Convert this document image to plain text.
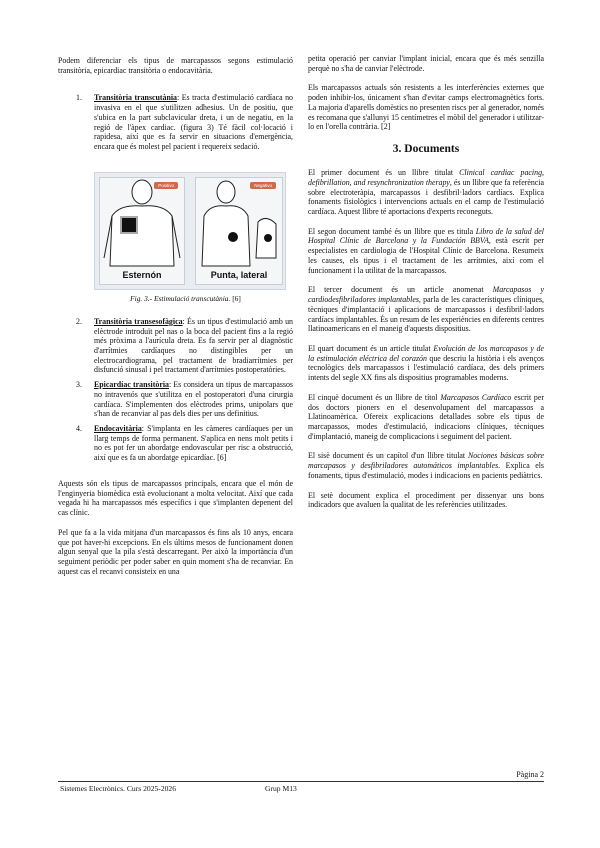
Podem diferenciar els tipus de marcapassos segons estimulació transitòria, epicardiac transitòria o endocavitària.

1. Transitòria transcutània: Es tracta d'estimulació cardíaca no invasiva en el que s'utilitzen adhesius. Un de positiu, que s'ubica en la part subclavicular dreta, i un de negatiu, en la regió de l'àpex cardiac. (figura 3) Té fàcil col·locació i rapidesa, així que es fa servir en situacions d'emergència, encara que és molest pel pacient i requereix sedació.
Positivo
Esternón
Negativo
Punta, lateral
Fig. 3.- Estimulació transcutània. [6]
2. Transitòria transesofàgica: És un tipus d'estimulació amb un elèctrode introduït pel nas o la boca del pacient fins a la regió més pròxima a l'aurícula dreta. Es fa servir per al diagnòstic d'arrítmies cardíaques no distingibles per un electrocardiograma, pel tractament de bradiarrítmies per disfunció sinusal i pel tractament d'arrítmies postoperatòries.
3. Epicardíac transitòria: Es considera un tipus de marcapassos no intravenós que s'utilitza en el postoperatori d'una cirurgia cardíaca. S'implementen dos elèctrodes prims, unipolars que s'han de recanviar al pas dels dies per uns definitius.
4. Endocavitària: S'implanta en les càmeres cardíaques per un llarg temps de forma permanent. S'aplica en nens molt petits i no es pot fer un abordatge endovascular per risc a obstrucció, així que es fa un abordatge epicardíac. [6]

Aquests són els tipus de marcapassos principals, encara que el món de l'enginyeria biomèdica està evolucionant a molta velocitat. Així que cada vegada hi ha marcapassos més específics i que s'implanten depenent del cas clínic.

Pel que fa a la vida mitjana d'un marcapassos és fins als 10 anys, encara que pot haver-hi excepcions. En els últims mesos de funcionament donen algun senyal que la pila s'està descarregant. Per això la importància d'un seguiment periòdic per poder saber en quin moment s'ha de recanviar. En aquest cas el recanvi consisteix en una

petita operació per canviar l'implant inicial, encara que és més senzilla perquè no s'ha de canviar l'elèctrode.

Els marcapassos actuals són resistents a les interferències externes que poden inhibir-los, únicament s'han d'evitar camps electromagnètics forts. La majoria d'aparells domèstics no presenten riscs per al generador, només es recomana que s'allunyi 15 centímetres el mòbil del generador i utilitzar-lo en l'orella contrària. [2]

3. Documents

El primer document és un llibre titulat Clinical cardiac pacing, defibrillation, and resynchronization therapy, és un llibre que fa referència sobre electroteràpia, marcapassos i desfibril·ladors cardíacs. Explica fonaments fisiològics i intervencions actuals en el camp de l'estimulació cardíaca. Aquest llibre té aportacions d'experts reconeguts.

El segon document també és un llibre que es titula Libro de la salud del Hospital Clínic de Barcelona y la Fundación BBVA, està escrit per especialistes en cardiologia de l'Hospital Clínic de Barcelona. Resumeix les causes, els tipus i el tractament de les arrítmies, així com el funcionament i la utilitat de la marcapassos.

El tercer document és un article anomenat Marcapasos y cardiodesfibriladores implantables, parla de les característiques clíniques, tècniques d'implantació i aplicacions de marcapassos i desfibril·ladors cardíacs implantables. És un resum de les experiències en diferents centres llatinoamericans en el maneig d'aquests dispositius.

El quart document és un article titulat Evolución de los marcapasos y de la estimulación eléctrica del corazón que descriu la història i els avenços tecnològics dels marcapassos i l'estimulació cardíaca, des dels primers intents del segle XX fins als dispositius programables moderns.

El cinquè document és un llibre de títol Marcapasos Cardíaco escrit per dos doctors pioners en el desenvolupament del marcapassos a Llatinoamèrica. Ofereix explicacions detallades sobre els tipus de marcapassos, modes d'estimulació, indicacions clíniques, tècniques d'implantació, maneig de complicacions i seguiment del pacient.

El sisè document és un capítol d'un llibre titulat Nociones básicas sobre marcapasos y desfibriladores automáticos implantables. Explica els fonaments, tipus d'estimulació, modes i indicacions en pacients pediàtrics.

El setè document explica el procediment per dissenyar uns bons indicadors que avaluen la qualitat de les referències utilitzades.

Pàgina 2
Sistemes Electrònics. Curs 2025-2026	Grup M13
